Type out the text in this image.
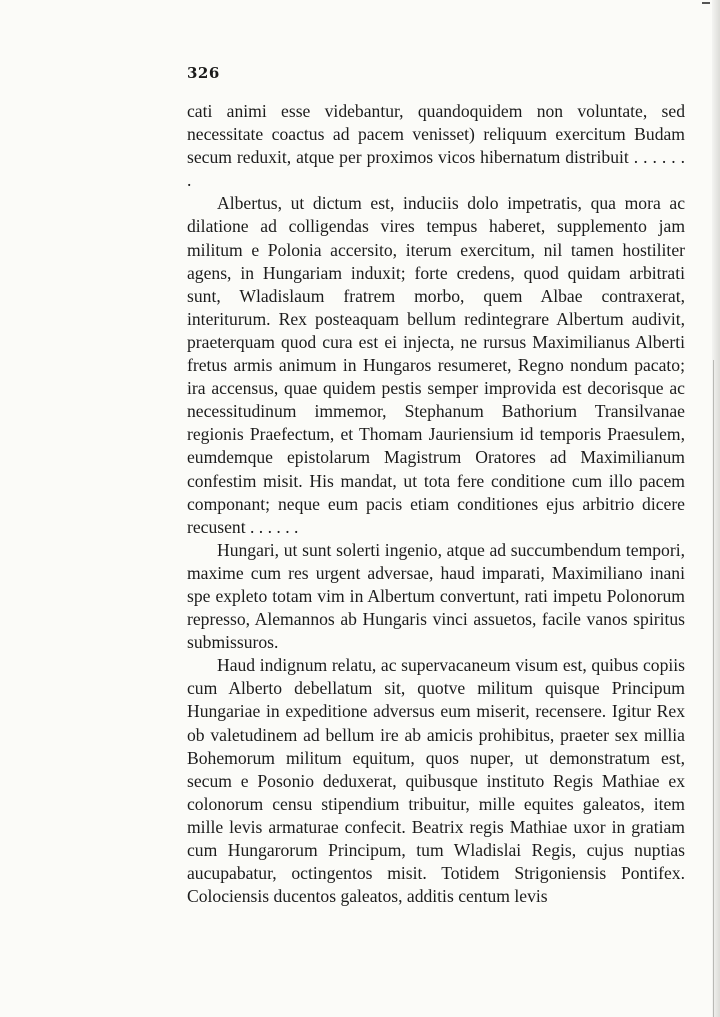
326

cati animi esse videbantur, quandoquidem non voluntate, sed necessitate coactus ad pacem venisset) reliquum exercitum Budam secum reduxit, atque per proximos vicos hibernatum distribuit . . . . . . .

Albertus, ut dictum est, induciis dolo impetratis, qua mora ac dilatione ad colligendas vires tempus haberet, supplemento jam militum e Polonia accersito, iterum exercitum, nil tamen hostiliter agens, in Hungariam induxit; forte credens, quod quidam arbitrati sunt, Wladislaum fratrem morbo, quem Albae contraxerat, interiturum. Rex posteaquam bellum redintegrare Albertum audivit, praeterquam quod cura est ei injecta, ne rursus Maximilianus Alberti fretus armis animum in Hungaros resumeret, Regno nondum pacato; ira accensus, quae quidem pestis semper improvida est decorisque ac necessitudinum immemor, Stephanum Bathorium Transilvanae regionis Praefectum, et Thomam Jauriensium id temporis Praesulem, eumdemque epistolarum Magistrum Oratores ad Maximilianum confestim misit. His mandat, ut tota fere conditione cum illo pacem componant; neque eum pacis etiam conditiones ejus arbitrio dicere recusent . . . . . .

Hungari, ut sunt solerti ingenio, atque ad succumbendum tempori, maxime cum res urgent adversae, haud imparati, Maximiliano inani spe expleto totam vim in Albertum convertunt, rati impetu Polonorum represso, Alemannos ab Hungaris vinci assuetos, facile vanos spiritus submissuros.

Haud indignum relatu, ac supervacaneum visum est, quibus copiis cum Alberto debellatum sit, quotve militum quisque Principum Hungariae in expeditione adversus eum miserit, recensere. Igitur Rex ob valetudinem ad bellum ire ab amicis prohibitus, praeter sex millia Bohemorum militum equitum, quos nuper, ut demonstratum est, secum e Posonio deduxerat, quibusque instituto Regis Mathiae ex colonorum censu stipendium tribuitur, mille equites galeatos, item mille levis armaturae confecit. Beatrix regis Mathiae uxor in gratiam cum Hungarorum Principum, tum Wladislai Regis, cujus nuptias aucupabatur, octingentos misit. Totidem Strigoniensis Pontifex. Colociensis ducentos galeatos, additis centum levis
